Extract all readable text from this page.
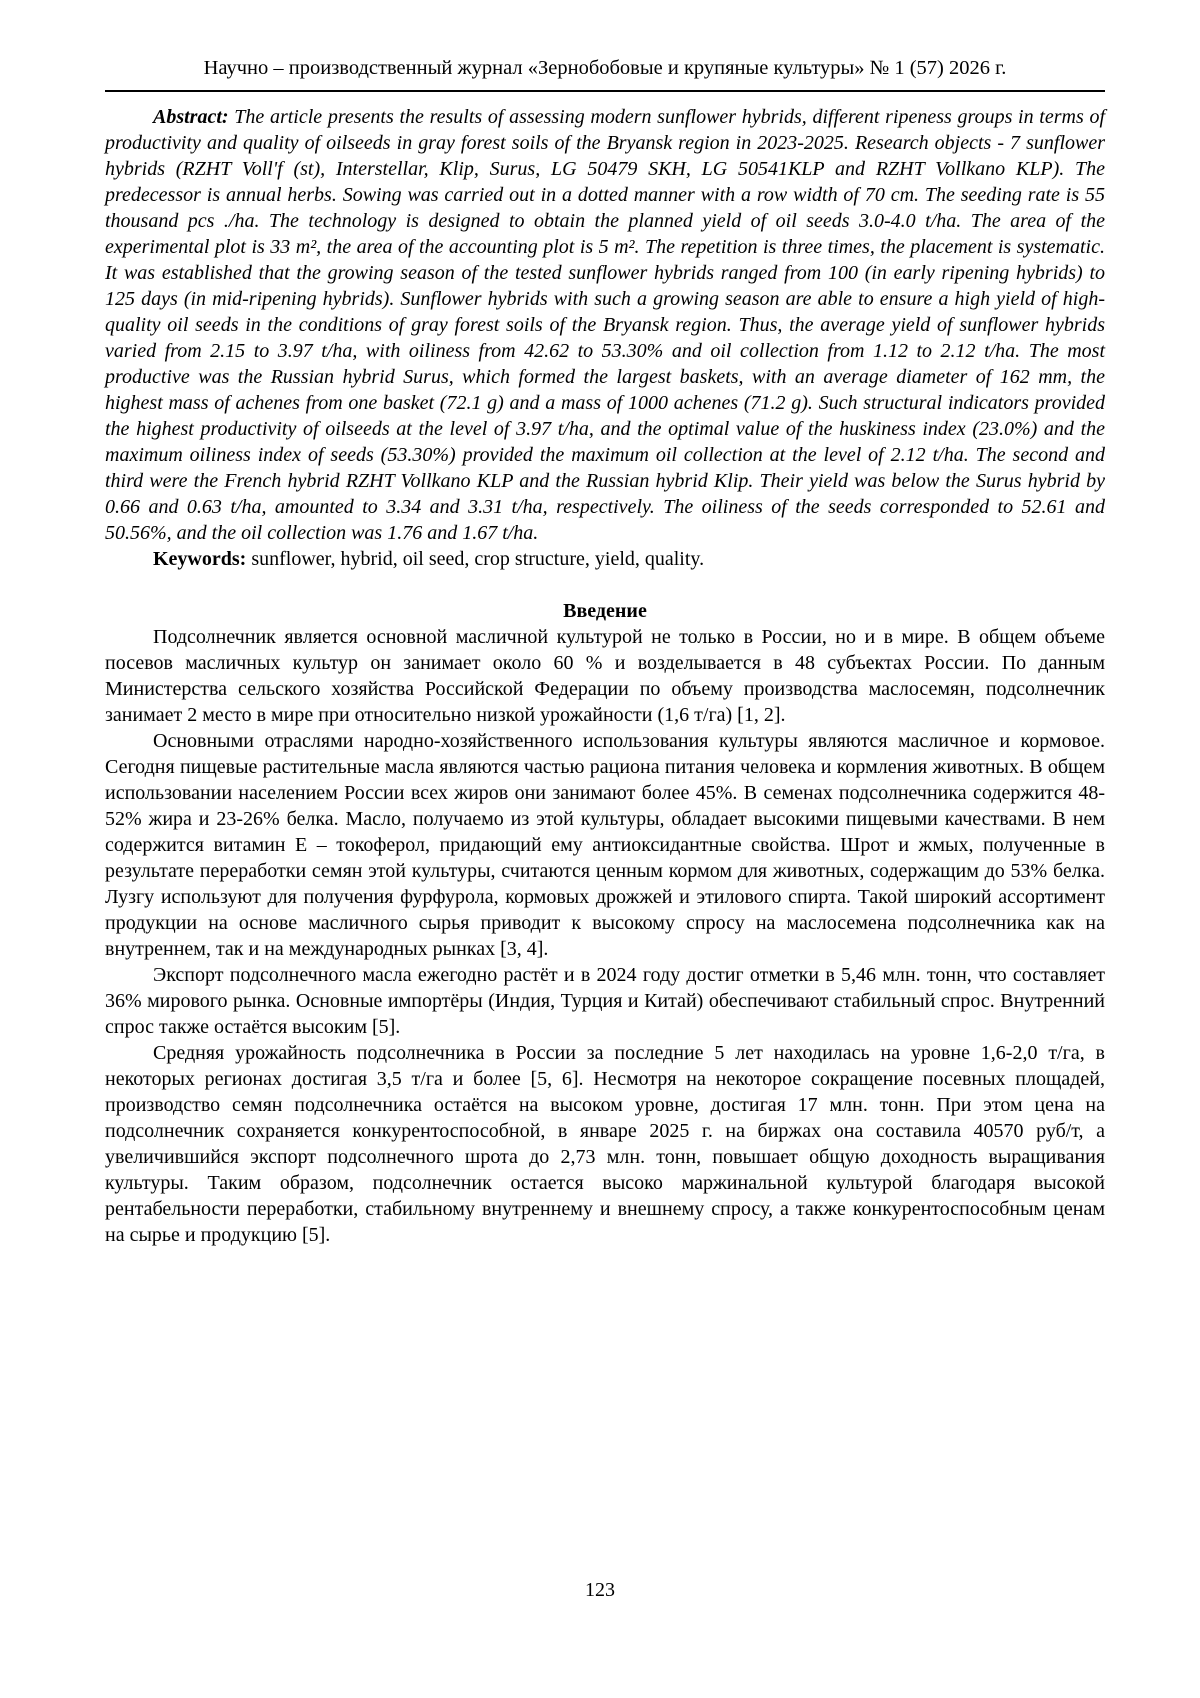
Научно – производственный журнал «Зернобобовые и крупяные культуры» № 1 (57) 2026 г.

Abstract: The article presents the results of assessing modern sunflower hybrids, different ripeness groups in terms of productivity and quality of oilseeds in gray forest soils of the Bryansk region in 2023-2025. Research objects - 7 sunflower hybrids (RZHT Voll'f (st), Interstellar, Klip, Surus, LG 50479 SKH, LG 50541KLP and RZHT Vollkano KLP). The predecessor is annual herbs. Sowing was carried out in a dotted manner with a row width of 70 cm. The seeding rate is 55 thousand pcs ./ha. The technology is designed to obtain the planned yield of oil seeds 3.0-4.0 t/ha. The area of the experimental plot is 33 m², the area of the accounting plot is 5 m². The repetition is three times, the placement is systematic. It was established that the growing season of the tested sunflower hybrids ranged from 100 (in early ripening hybrids) to 125 days (in mid-ripening hybrids). Sunflower hybrids with such a growing season are able to ensure a high yield of high-quality oil seeds in the conditions of gray forest soils of the Bryansk region. Thus, the average yield of sunflower hybrids varied from 2.15 to 3.97 t/ha, with oiliness from 42.62 to 53.30% and oil collection from 1.12 to 2.12 t/ha. The most productive was the Russian hybrid Surus, which formed the largest baskets, with an average diameter of 162 mm, the highest mass of achenes from one basket (72.1 g) and a mass of 1000 achenes (71.2 g). Such structural indicators provided the highest productivity of oilseeds at the level of 3.97 t/ha, and the optimal value of the huskiness index (23.0%) and the maximum oiliness index of seeds (53.30%) provided the maximum oil collection at the level of 2.12 t/ha. The second and third were the French hybrid RZHT Vollkano KLP and the Russian hybrid Klip. Their yield was below the Surus hybrid by 0.66 and 0.63 t/ha, amounted to 3.34 and 3.31 t/ha, respectively. The oiliness of the seeds corresponded to 52.61 and 50.56%, and the oil collection was 1.76 and 1.67 t/ha.

Keywords: sunflower, hybrid, oil seed, crop structure, yield, quality.

Введение

Подсолнечник является основной масличной культурой не только в России, но и в мире. В общем объеме посевов масличных культур он занимает около 60 % и возделывается в 48 субъектах России. По данным Министерства сельского хозяйства Российской Федерации по объему производства маслосемян, подсолнечник занимает 2 место в мире при относительно низкой урожайности (1,6 т/га) [1, 2].

Основными отраслями народно-хозяйственного использования культуры являются масличное и кормовое. Сегодня пищевые растительные масла являются частью рациона питания человека и кормления животных. В общем использовании населением России всех жиров они занимают более 45%. В семенах подсолнечника содержится 48-52% жира и 23-26% белка. Масло, получаемо из этой культуры, обладает высокими пищевыми качествами. В нем содержится витамин Е – токоферол, придающий ему антиоксидантные свойства. Шрот и жмых, полученные в результате переработки семян этой культуры, считаются ценным кормом для животных, содержащим до 53% белка. Лузгу используют для получения фурфурола, кормовых дрожжей и этилового спирта. Такой широкий ассортимент продукции на основе масличного сырья приводит к высокому спросу на маслосемена подсолнечника как на внутреннем, так и на международных рынках [3, 4].

Экспорт подсолнечного масла ежегодно растёт и в 2024 году достиг отметки в 5,46 млн. тонн, что составляет 36% мирового рынка. Основные импортёры (Индия, Турция и Китай) обеспечивают стабильный спрос. Внутренний спрос также остаётся высоким [5].

Средняя урожайность подсолнечника в России за последние 5 лет находилась на уровне 1,6-2,0 т/га, в некоторых регионах достигая 3,5 т/га и более [5, 6]. Несмотря на некоторое сокращение посевных площадей, производство семян подсолнечника остаётся на высоком уровне, достигая 17 млн. тонн. При этом цена на подсолнечник сохраняется конкурентоспособной, в январе 2025 г. на биржах она составила 40570 руб/т, а увеличившийся экспорт подсолнечного шрота до 2,73 млн. тонн, повышает общую доходность выращивания культуры. Таким образом, подсолнечник остается высоко маржинальной культурой благодаря высокой рентабельности переработки, стабильному внутреннему и внешнему спросу, а также конкурентоспособным ценам на сырье и продукцию [5].

123
